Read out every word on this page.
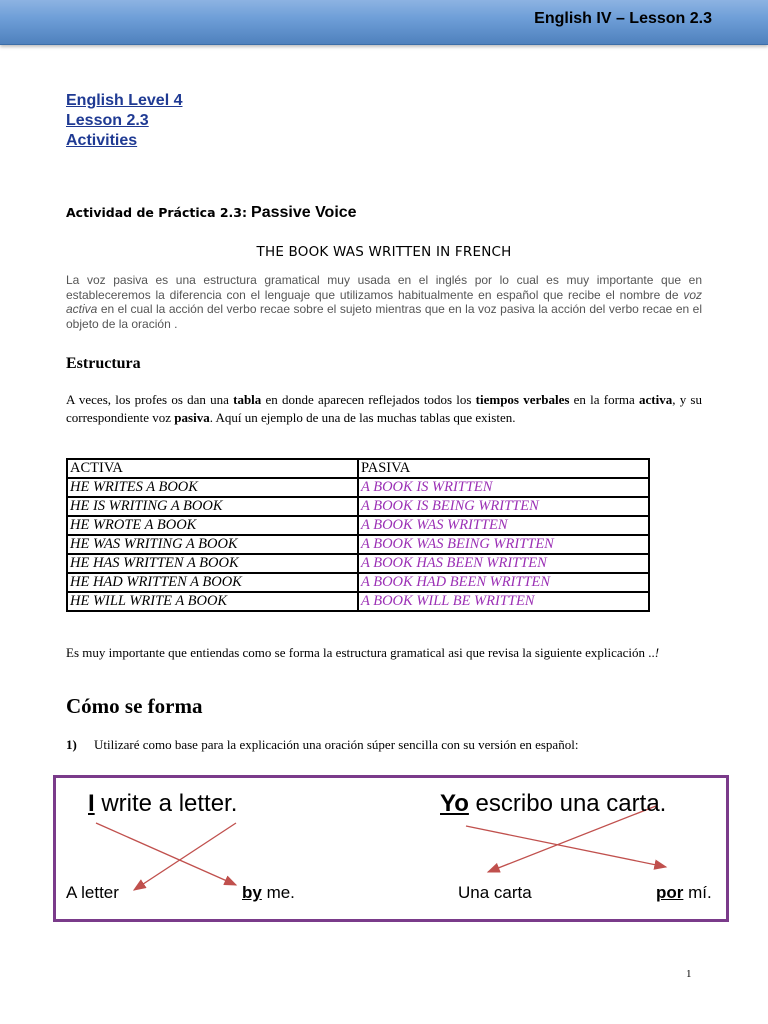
English IV – Lesson 2.3
English Level 4
Lesson 2.3
Activities
Actividad de Práctica 2.3: Passive Voice
THE BOOK WAS WRITTEN IN FRENCH
La voz pasiva es una estructura gramatical muy usada en el inglés por lo cual es muy importante que en estableceremos la diferencia con el lenguaje que utilizamos habitualmente en español que recibe el nombre de voz activa en el cual la acción del verbo recae sobre el sujeto mientras que en la voz pasiva la acción del verbo recae en el objeto de la oración .
Estructura
A veces, los profes os dan una tabla en donde aparecen reflejados todos los tiempos verbales en la forma activa, y su correspondiente voz pasiva. Aquí un ejemplo de una de las muchas tablas que existen.
ACTIVA	PASIVA
HE WRITES A BOOK	A BOOK IS WRITTEN
HE IS WRITING A BOOK	A BOOK IS BEING WRITTEN
HE WROTE A BOOK	A BOOK WAS WRITTEN
HE WAS WRITING A BOOK	A BOOK WAS BEING WRITTEN
HE HAS WRITTEN A BOOK	A BOOK HAS BEEN WRITTEN
HE HAD WRITTEN A BOOK	A BOOK HAD BEEN WRITTEN
HE WILL WRITE A BOOK	A BOOK WILL BE WRITTEN
Es muy importante que entiendas como se forma la estructura gramatical asi que revisa la siguiente explicación ..!
Cómo se forma
1) Utilizaré como base para la explicación una oración súper sencilla con su versión en español:
I write a letter.	Yo escribo una carta.
A letter	by me.	Una carta	por mí.
1
